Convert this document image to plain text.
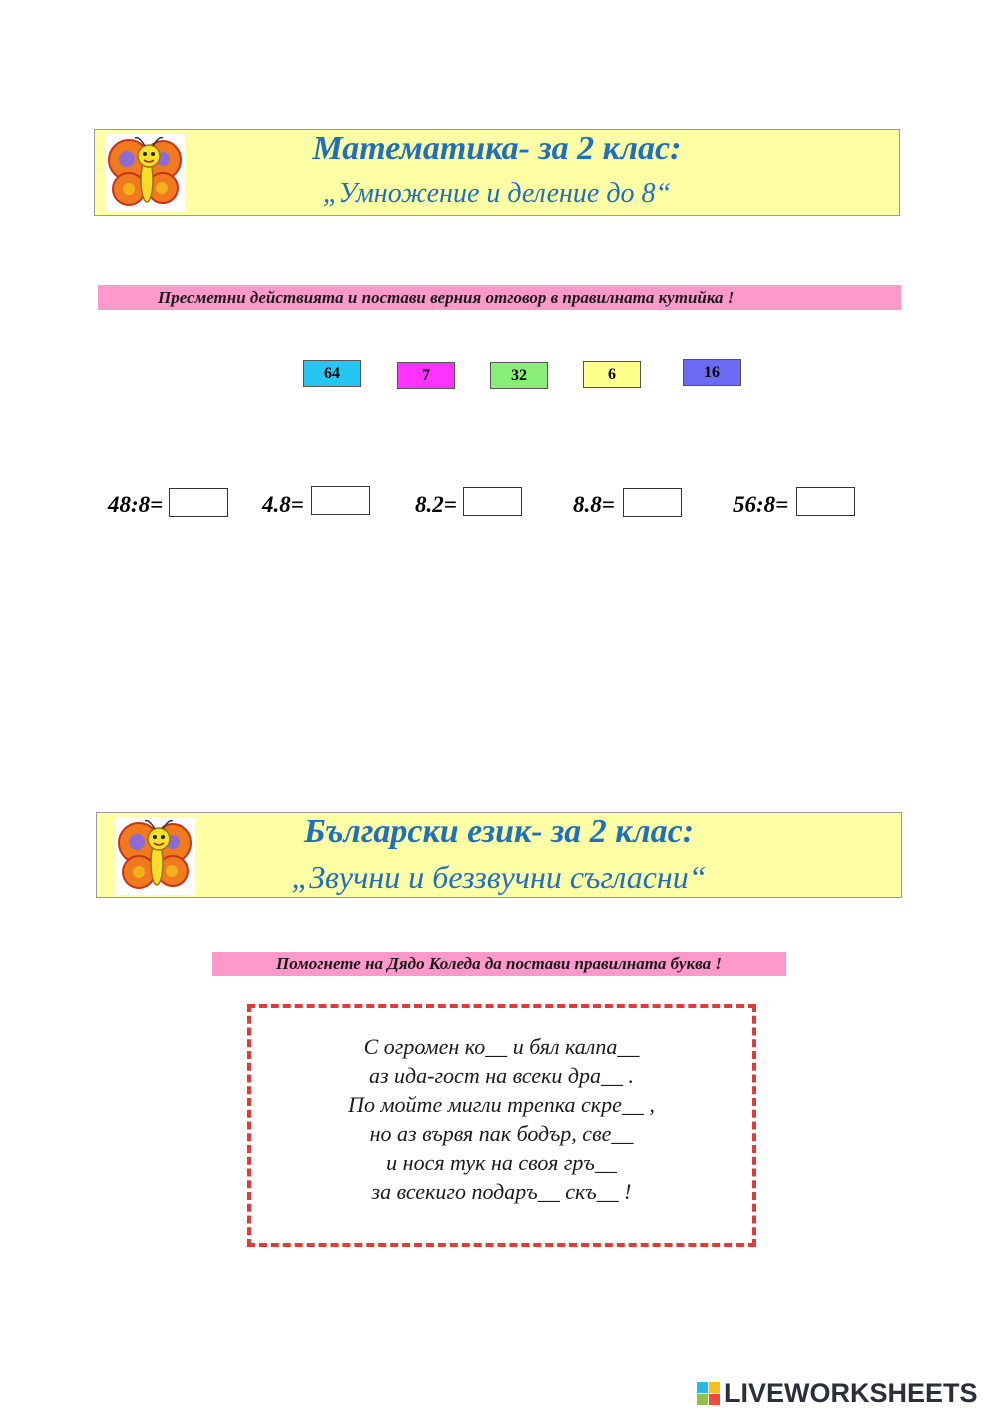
Математика- за 2 клас:
„Умножение и деление до 8“
Пресметни действията и постави верния отговор в правилната кутийка !
64	7	32	6	16
48:8=	4.8=	8.2=	8.8=	56:8=
Български език- за 2 клас:
„Звучни и беззвучни съгласни“
Помогнете на Дядо Коледа да постави правилната буква !
С огромен ко__ и бял калпа__
аз ида-гост на всеки дра__ .
По мойте мигли трепка скре__ ,
но аз вървя пак бодър, све__
и нося тук на своя гръ__
за всекиго подаръ__ скъ__ !
LIVEWORKSHEETS
